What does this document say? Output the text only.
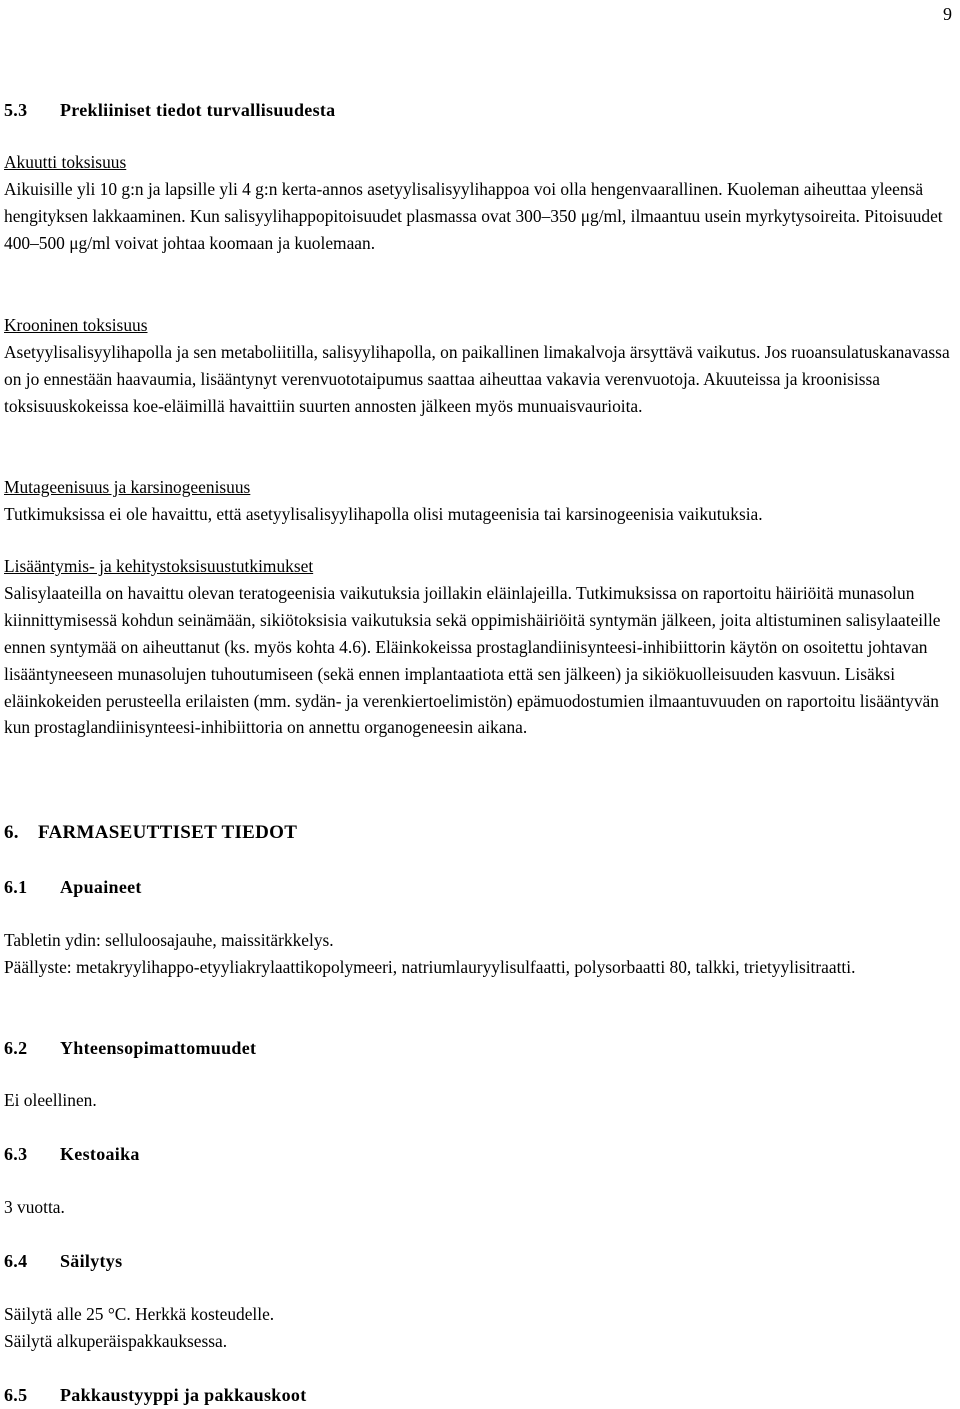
9
5.3 Prekliiniset tiedot turvallisuudesta
Akuutti toksisuus

Aikuisille yli 10 g:n ja lapsille yli 4 g:n kerta-annos asetyylisalisyylihappoa voi olla hengenvaarallinen. Kuoleman aiheuttaa yleensä hengityksen lakkaaminen. Kun salisyylihappopitoisuudet plasmassa ovat 300–350 μg/ml, ilmaantuu usein myrkytysoireita. Pitoisuudet 400–500 μg/ml voivat johtaa koomaan ja kuolemaan.

Krooninen toksisuus

Asetyylisalisyylihapolla ja sen metaboliitilla, salisyylihapolla, on paikallinen limakalvoja ärsyttävä vaikutus. Jos ruoansulatuskanavassa on jo ennestään haavaumia, lisääntynyt verenvuototaipumus saattaa aiheuttaa vakavia verenvuotoja. Akuuteissa ja kroonisissa toksisuuskokeissa koe-eläimillä havaittiin suurten annosten jälkeen myös munuaisvaurioita.

Mutageenisuus ja karsinogeenisuus

Tutkimuksissa ei ole havaittu, että asetyylisalisyylihapolla olisi mutageenisia tai karsinogeenisia vaikutuksia.

Lisääntymis- ja kehitystoksisuustutkimukset

Salisylaateilla on havaittu olevan teratogeenisia vaikutuksia joillakin eläinlajeilla. Tutkimuksissa on raportoitu häiriöitä munasolun kiinnittymisessä kohdun seinämään, sikiötoksisia vaikutuksia sekä oppimishäiriöitä syntymän jälkeen, joita altistuminen salisylaateille ennen syntymää on aiheuttanut (ks. myös kohta 4.6). Eläinkokeissa prostaglandiinisynteesi-inhibiittorin käytön on osoitettu johtavan lisääntyneeseen munasolujen tuhoutumiseen (sekä ennen implantaatiota että sen jälkeen) ja sikiökuolleisuuden kasvuun. Lisäksi eläinkokeiden perusteella erilaisten (mm. sydän- ja verenkiertoelimistön) epämuodostumien ilmaantuvuuden on raportoitu lisääntyvän kun prostaglandiinisynteesi-inhibiittoria on annettu organogeneesin aikana.

6. FARMASEUTTISET TIEDOT
6.1 Apuaineet

Tabletin ydin: selluloosajauhe, maissitärkkelys.

Päällyste: metakryylihappo-etyyliakrylaattikopolymeeri, natriumlauryylisulfaatti, polysorbaatti 80, talkki, trietyylisitraatti.

6.2 Yhteensopimattomuudet
Ei oleellinen.
6.3 Kestoaika
3 vuotta.
6.4 Säilytys

Säilytä alle 25 °C. Herkkä kosteudelle.

Säilytä alkuperäispakkauksessa.

6.5 Pakkaustyyppi ja pakkauskoot
